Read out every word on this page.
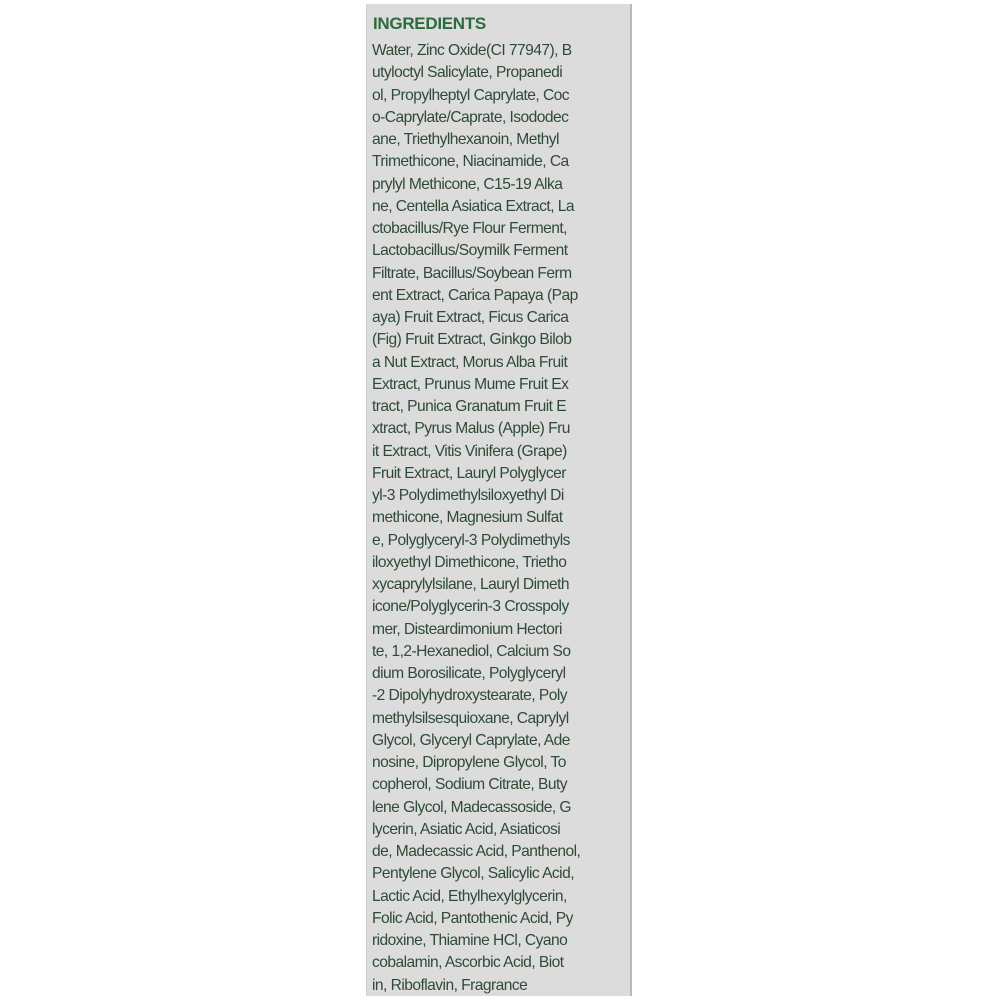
INGREDIENTS
Water, Zinc Oxide(CI 77947), B
utyloctyl Salicylate, Propanedi
ol, Propylheptyl Caprylate, Coc
o-Caprylate/Caprate, Isododec
ane, Triethylhexanoin, Methyl
Trimethicone, Niacinamide, Ca
prylyl Methicone, C15-19 Alka
ne, Centella Asiatica Extract, La
ctobacillus/Rye Flour Ferment,
Lactobacillus/Soymilk Ferment
Filtrate, Bacillus/Soybean Ferm
ent Extract, Carica Papaya (Pap
aya) Fruit Extract, Ficus Carica
(Fig) Fruit Extract, Ginkgo Bilob
a Nut Extract, Morus Alba Fruit
Extract, Prunus Mume Fruit Ex
tract, Punica Granatum Fruit E
xtract, Pyrus Malus (Apple) Fru
it Extract, Vitis Vinifera (Grape)
Fruit Extract, Lauryl Polyglycer
yl-3 Polydimethylsiloxyethyl Di
methicone, Magnesium Sulfat
e, Polyglyceryl-3 Polydimethyls
iloxyethyl Dimethicone, Trietho
xycaprylylsilane, Lauryl Dimeth
icone/Polyglycerin-3 Crosspoly
mer, Disteardimonium Hectori
te, 1,2-Hexanediol, Calcium So
dium Borosilicate, Polyglyceryl
-2 Dipolyhydroxystearate, Poly
methylsilsesquioxane, Caprylyl
Glycol, Glyceryl Caprylate, Ade
nosine, Dipropylene Glycol, To
copherol, Sodium Citrate, Buty
lene Glycol, Madecassoside, G
lycerin, Asiatic Acid, Asiaticosi
de, Madecassic Acid, Panthenol,
Pentylene Glycol, Salicylic Acid,
Lactic Acid, Ethylhexylglycerin,
Folic Acid, Pantothenic Acid, Py
ridoxine, Thiamine HCl, Cyano
cobalamin, Ascorbic Acid, Biot
in, Riboflavin, Fragrance
